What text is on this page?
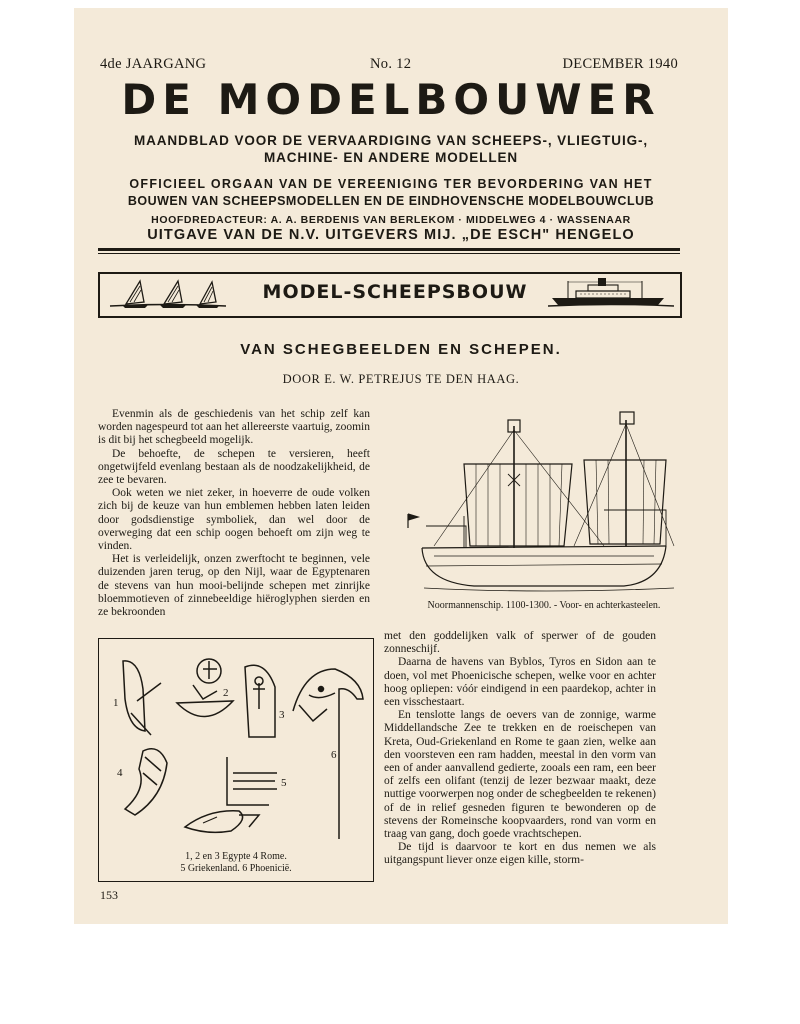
4de JAARGANG	No. 12	DECEMBER 1940
DE MODELBOUWER
MAANDBLAD VOOR DE VERVAARDIGING VAN SCHEEPS-, VLIEGTUIG-,
MACHINE- EN ANDERE MODELLEN
OFFICIEEL ORGAAN VAN DE VEREENIGING TER BEVORDERING VAN HET
BOUWEN VAN SCHEEPSMODELLEN EN DE EINDHOVENSCHE MODELBOUWCLUB
HOOFDREDACTEUR: A. A. BERDENIS VAN BERLEKOM · MIDDELWEG 4 · WASSENAAR
UITGAVE VAN DE N.V. UITGEVERS MIJ. „DE ESCH" HENGELO
MODEL-SCHEEPSBOUW
VAN SCHEGBEELDEN EN SCHEPEN.
DOOR E. W. PETREJUS TE DEN HAAG.

Evenmin als de geschiedenis van het schip zelf kan worden nagespeurd tot aan het allereerste vaartuig, zoomin is dit bij het schegbeeld mogelijk.

De behoefte, de schepen te versieren, heeft ongetwijfeld evenlang bestaan als de noodzakelijkheid, de zee te bevaren.

Ook weten we niet zeker, in hoeverre de oude volken zich bij de keuze van hun emblemen hebben laten leiden door godsdienstige symboliek, dan wel door de overweging dat een schip oogen behoeft om zijn weg te vinden.

Het is verleidelijk, onzen zwerftocht te beginnen, vele duizenden jaren terug, op den Nijl, waar de Egyptenaren de stevens van hun mooi-belijnde schepen met zinrijke bloemmotieven of zinnebeeldige hiëroglyphen sierden en ze bekroonden

Noormannenschip. 1100-1300. - Voor- en achterkasteelen.

met den goddelijken valk of sperwer of de gouden zonneschijf.

Daarna de havens van Byblos, Tyros en Sidon aan te doen, vol met Phoenicische schepen, welke voor en achter hoog opliepen: vóór eindigend in een paardekop, achter in een visschestaart.

En tenslotte langs de oevers van de zonnige, warme Middellandsche Zee te trekken en de roeischepen van Kreta, Oud-Griekenland en Rome te gaan zien, welke aan den voorsteven een ram hadden, meestal in den vorm van een of ander aanvallend gedierte, zooals een ram, een beer of zelfs een olifant (tenzij de lezer bezwaar maakt, deze nuttige voorwerpen nog onder de schegbeelden te rekenen) of de in relief gesneden figuren te bewonderen op de stevens der Romeinsche koopvaarders, rond van vorm en traag van gang, doch goede vrachtschepen.

De tijd is daarvoor te kort en dus nemen we als uitgangspunt liever onze eigen kille, storm-

1
2
3
4
5
6
1, 2 en 3 Egypte 4 Rome.
5 Griekenland. 6 Phoenicië.
153
